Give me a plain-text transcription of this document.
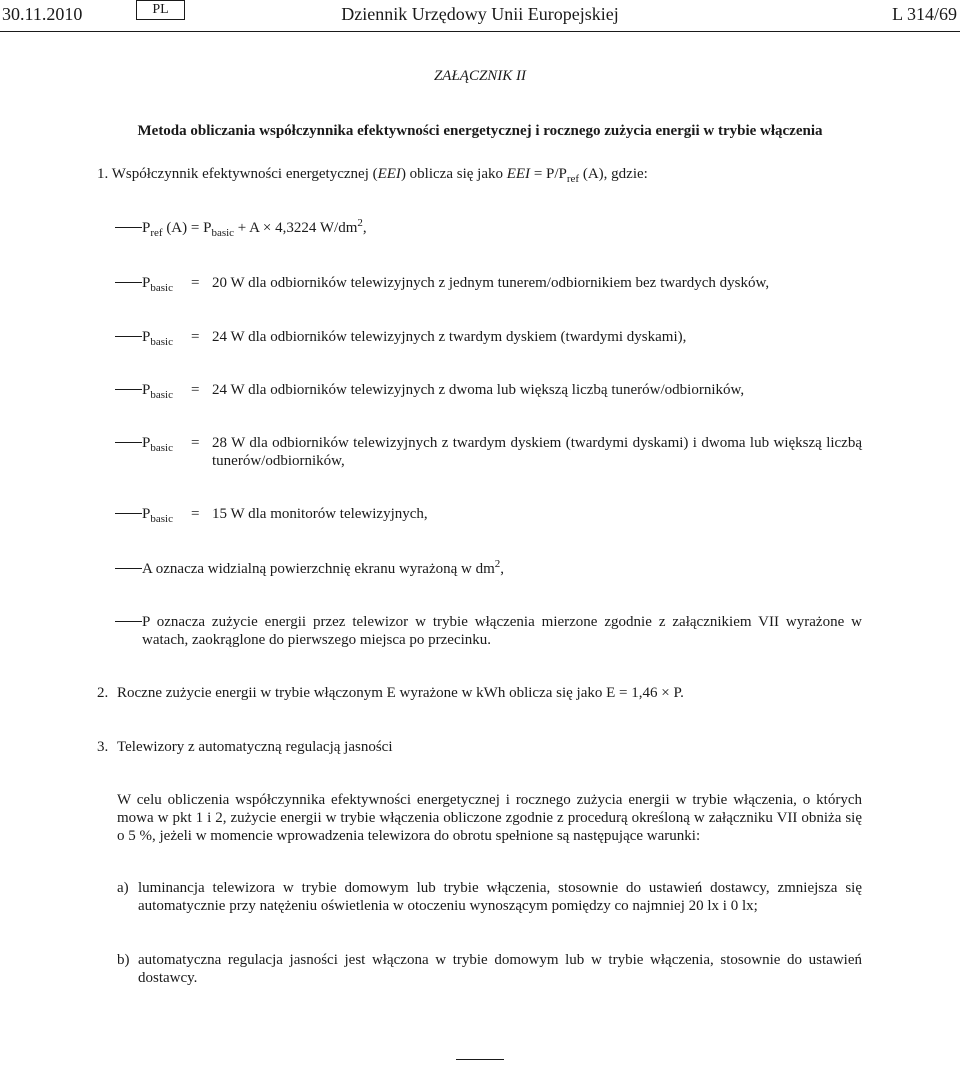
30.11.2010	PL	Dziennik Urzędowy Unii Europejskiej	L 314/69
ZAŁĄCZNIK II
Metoda obliczania współczynnika efektywności energetycznej i rocznego zużycia energii w trybie włączenia
1. Współczynnik efektywności energetycznej (EEI) oblicza się jako EEI = $P/P_{ref}$ (A), gdzie:
$P_{ref}$ $(A) = P_{basic} + A \times 4,3224$ $W/dm^2$,
$P_{basic} = 20$ W dla odbiorników telewizyjnych z jednym tunerem/odbiornikiem bez twardych dysków,
$P_{basic} = 24$ W dla odbiorników telewizyjnych z twardym dyskiem (twardymi dyskami),
$P_{basic} = 24$ W dla odbiorników telewizyjnych z dwoma lub większą liczbą tunerów/odbiorników,
$P_{basic} = 28$ W dla odbiorników telewizyjnych z twardym dyskiem (twardymi dyskami) i dwoma lub większą liczbą tunerów/odbiorników,
$P_{basic} = 15$ W dla monitorów telewizyjnych,
A oznacza widzialną powierzchnię ekranu wyrażoną w $dm^2$,
P oznacza zużycie energii przez telewizor w trybie włączenia mierzone zgodnie z załącznikiem VII wyrażone w watach, zaokrąglone do pierwszego miejsca po przecinku.
2. Roczne zużycie energii w trybie włączonym E wyrażone w kWh oblicza się jako E = 1,46 × P.
3. Telewizory z automatyczną regulacją jasności
W celu obliczenia współczynnika efektywności energetycznej i rocznego zużycia energii w trybie włączenia, o których mowa w pkt 1 i 2, zużycie energii w trybie włączenia obliczone zgodnie z procedurą określoną w załączniku VII obniża się o 5 %, jeżeli w momencie wprowadzenia telewizora do obrotu spełnione są następujące warunki:
a) luminancja telewizora w trybie domowym lub trybie włączenia, stosownie do ustawień dostawcy, zmniejsza się automatycznie przy natężeniu oświetlenia w otoczeniu wynoszącym pomiędzy co najmniej 20 lx i 0 lx;
b) automatyczna regulacja jasności jest włączona w trybie domowym lub w trybie włączenia, stosownie do ustawień dostawcy.
